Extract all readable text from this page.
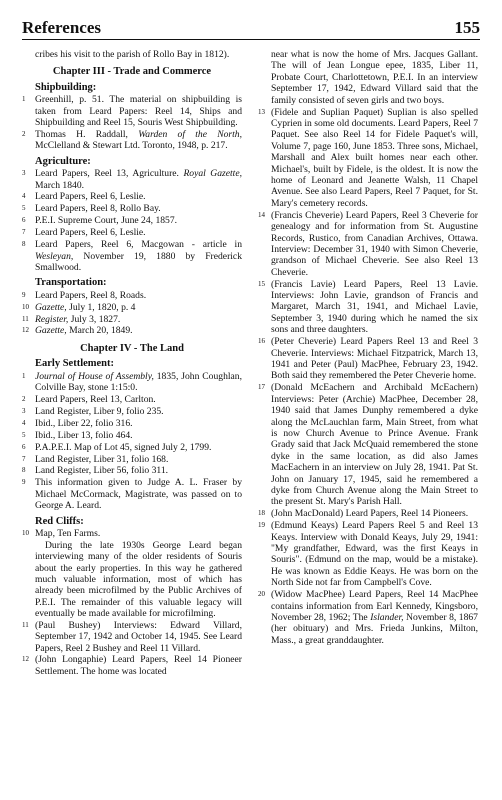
References	155
cribes his visit to the parish of Rollo Bay in 1812).
Chapter III - Trade and Commerce
Shipbuilding:
1 Greenhill, p. 51. The material on shipbuilding is taken from Leard Papers: Reel 14, Ships and Shipbuilding and Reel 15, Souris West Shipbuilding.
2 Thomas H. Raddall, Warden of the North, McClelland & Stewart Ltd. Toronto, 1948, p. 217.
Agriculture:
3 Leard Papers, Reel 13, Agriculture. Royal Gazette, March 1840.
4 Leard Papers, Reel 6, Leslie.
5 Leard Papers, Reel 8, Rollo Bay.
6 P.E.I. Supreme Court, June 24, 1857.
7 Leard Papers, Reel 6, Leslie.
8 Leard Papers, Reel 6, Macgowan - article in Wesleyan, November 19, 1880 by Frederick Smallwood.
Transportation:
9 Leard Papers, Reel 8, Roads.
10 Gazette, July 1, 1820, p. 4
11 Register, July 3, 1827.
12 Gazette, March 20, 1849.
Chapter IV - The Land
Early Settlement:
1 Journal of House of Assembly, 1835, John Coughlan, Colville Bay, stone 1:15:0.
2 Leard Papers, Reel 13, Carlton.
3 Land Register, Liber 9, folio 235.
4 Ibid., Liber 22, folio 316.
5 Ibid., Liber 13, folio 464.
6 P.A.P.E.I. Map of Lot 45, signed July 2, 1799.
7 Land Register, Liber 31, folio 168.
8 Land Register, Liber 56, folio 311.
9 This information given to Judge A. L. Fraser by Michael McCormack, Magistrate, was passed on to George A. Leard.
Red Cliffs:
10 Map, Ten Farms.
During the late 1930s George Leard began interviewing many of the older residents of Souris about the early properties. In this way he gathered much valuable information, most of which has already been microfilmed by the Public Archives of P.E.I. The remainder of this valuable legacy will eventually be made available for microfilming.
11 (Paul Bushey) Interviews: Edward Villard, September 17, 1942 and October 14, 1945. See Leard Papers, Reel 2 Bushey and Reel 11 Villard.
12 (John Longaphie) Leard Papers, Reel 14 Pioneer Settlement. The home was located
near what is now the home of Mrs. Jacques Gallant. The will of Jean Longue epee, 1835, Liber 11, Probate Court, Charlottetown, P.E.I. In an interview September 17, 1942, Edward Villard said that the family consisted of seven girls and two boys.
13 (Fidele and Suplian Paquet) Suplian is also spelled Cyprien in some old documents. Leard Papers, Reel 7 Paquet. See also Reel 14 for Fidele Paquet's will, Volume 7, page 160, June 1853. Three sons, Michael, Marshall and Alex built homes near each other. Michael's, built by Fidele, is the oldest. It is now the home of Leonard and Jeanette Walsh, 11 Chapel Avenue. See also Leard Papers, Reel 7 Paquet, for St. Mary's cemetery records.
14 (Francis Cheverie) Leard Papers, Reel 3 Cheverie for genealogy and for information from St. Augustine Records, Rustico, from Canadian Archives, Ottawa. Interview: December 31, 1940 with Simon Cheverie, grandson of Michael Cheverie. See also Reel 13 Cheverie.
15 (Francis Lavie) Leard Papers, Reel 13 Lavie. Interviews: John Lavie, grandson of Francis and Margaret, March 31, 1941, and Michael Lavie, September 3, 1940 during which he named the six sons and three daughters.
16 (Peter Cheverie) Leard Papers Reel 13 and Reel 3 Cheverie. Interviews: Michael Fitzpatrick, March 13, 1941 and Peter (Paul) MacPhee, February 23, 1942. Both said they remembered the Peter Cheverie home.
17 (Donald McEachern and Archibald McEachern) Interviews: Peter (Archie) MacPhee, December 28, 1940 said that James Dunphy remembered a dyke along the McLauchlan farm, Main Street, from what is now Church Avenue to Prince Avenue. Frank Grady said that Jack McQuaid remembered the stone dyke in the same location, as did also James MacEachern in an interview on July 28, 1941. Pat St. John on January 17, 1945, said he remembered a dyke from Church Avenue along the Main Street to the present St. Mary's Parish Hall.
18 (John MacDonald) Leard Papers, Reel 14 Pioneers.
19 (Edmund Keays) Leard Papers Reel 5 and Reel 13 Keays. Interview with Donald Keays, July 29, 1941: "My grandfather, Edward, was the first Keays in Souris". (Edmund on the map, would be a mistake). He was known as Eddie Keays. He was born on the North Side not far from Campbell's Cove.
20 (Widow MacPhee) Leard Papers, Reel 14 MacPhee contains information from Earl Kennedy, Kingsboro, November 28, 1962; The Islander, November 8, 1867 (her obituary) and Mrs. Frieda Junkins, Milton, Mass., a great granddaughter.
